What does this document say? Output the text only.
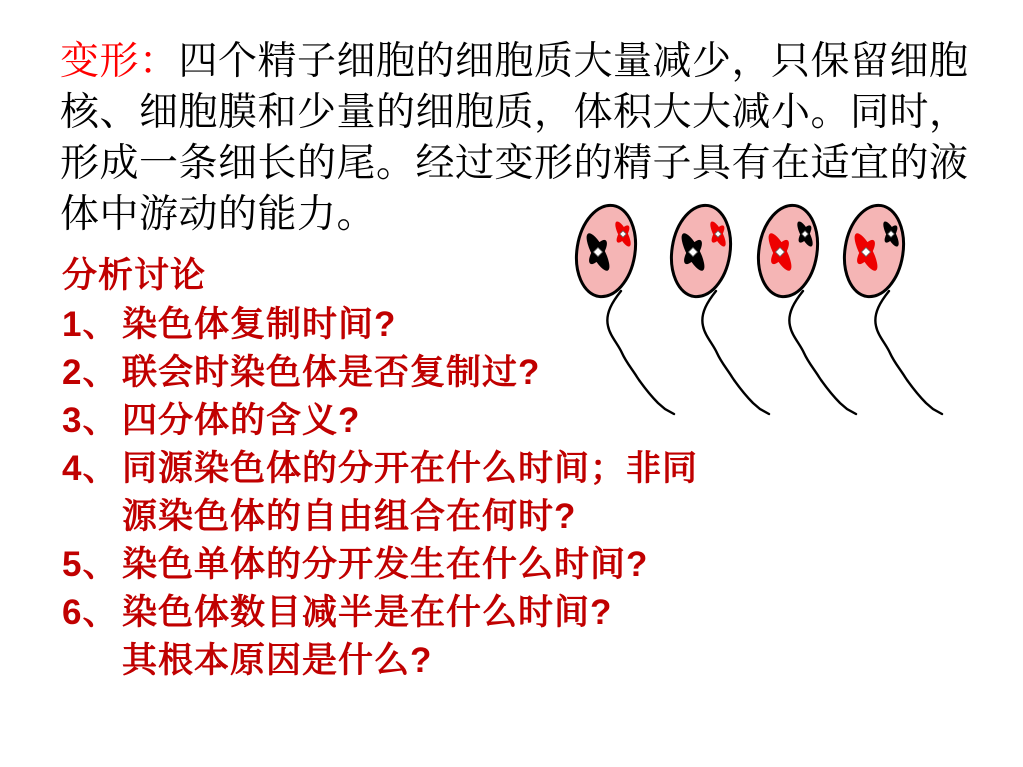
变形：四个精子细胞的细胞质大量减少，只保留细胞
核、细胞膜和少量的细胞质，体积大大减小。同时，
形成一条细长的尾。经过变形的精子具有在适宜的液
体中游动的能力。
分析讨论
1、 染色体复制时间?
2、 联会时染色体是否复制过?
3、 四分体的含义?
4、 同源染色体的分开在什么时间；非同
源染色体的自由组合在何时?
5、 染色单体的分开发生在什么时间?
6、 染色体数目减半是在什么时间?
其根本原因是什么?
